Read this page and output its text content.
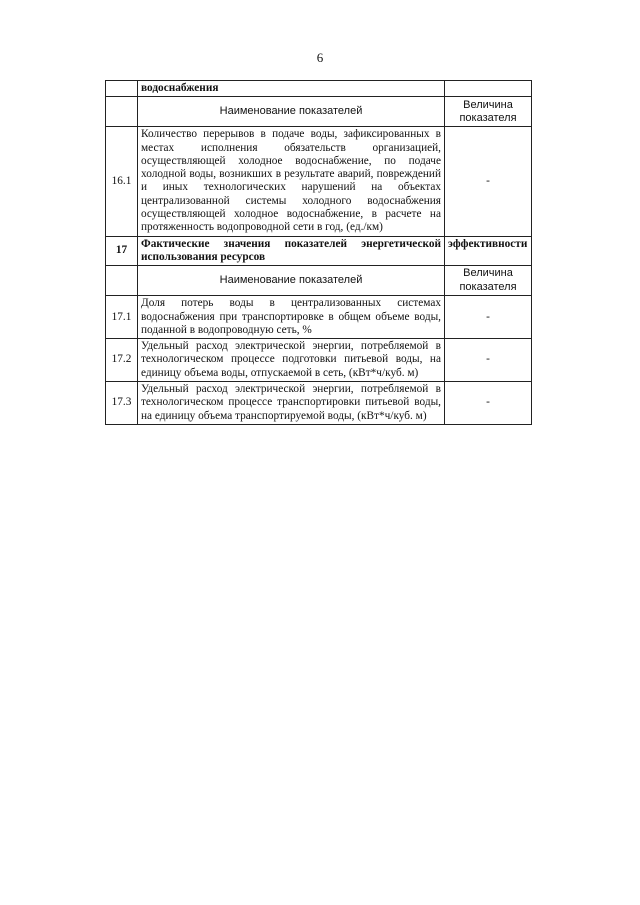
6
	водоснабжения	
	Наименование показателей	Величина показателя
16.1	Количество перерывов в подаче воды, зафиксированных в местах исполнения обязательств организацией, осуществляющей холодное водоснабжение, по подаче холодной воды, возникших в результате аварий, повреждений и иных технологических нарушений на объектах централизованной системы холодного водоснабжения осуществляющей холодное водоснабжение, в расчете на протяженность водопроводной сети в год, (ед./км)	-
17	Фактические значения показателей энергетической использования ресурсов	эффективности
	Наименование показателей	Величина показателя
17.1	Доля потерь воды в централизованных системах водоснабжения при транспортировке в общем объеме воды, поданной в водопроводную сеть, %	-
17.2	Удельный расход электрической энергии, потребляемой в технологическом процессе подготовки питьевой воды, на единицу объема воды, отпускаемой в сеть, (кВт*ч/куб. м)	-
17.3	Удельный расход электрической энергии, потребляемой в технологическом процессе транспортировки питьевой воды, на единицу объема транспортируемой воды, (кВт*ч/куб. м)	-
